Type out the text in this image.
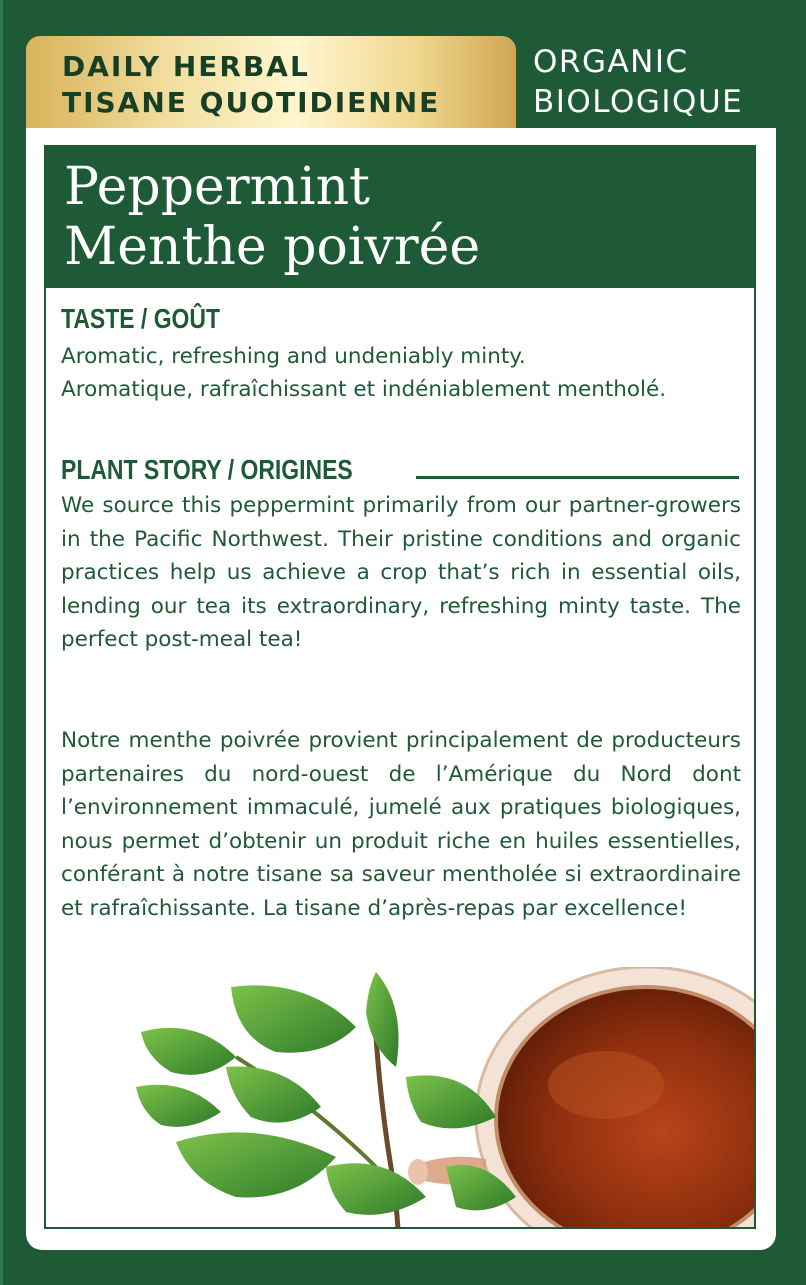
DAILY HERBAL
TISANE QUOTIDIENNE
ORGANIC
BIOLOGIQUE
Peppermint
Menthe poivrée
TASTE / GOÛT
Aromatic, refreshing and undeniably minty.
Aromatique, rafraîchissant et indéniablement mentholé.
PLANT STORY / ORIGINES
We source this peppermint primarily from our partner-growers in the Pacific Northwest. Their pristine conditions and organic practices help us achieve a crop that’s rich in essential oils, lending our tea its extraordinary, refreshing minty taste. The perfect post-meal tea!
Notre menthe poivrée provient principalement de producteurs partenaires du nord-ouest de l’Amérique du Nord dont l’environnement immaculé, jumelé aux pratiques biologiques, nous permet d’obtenir un produit riche en huiles essentielles, conférant à notre tisane sa saveur mentholée si extraordinaire et rafraîchissante. La tisane d’après-repas par excellence!
